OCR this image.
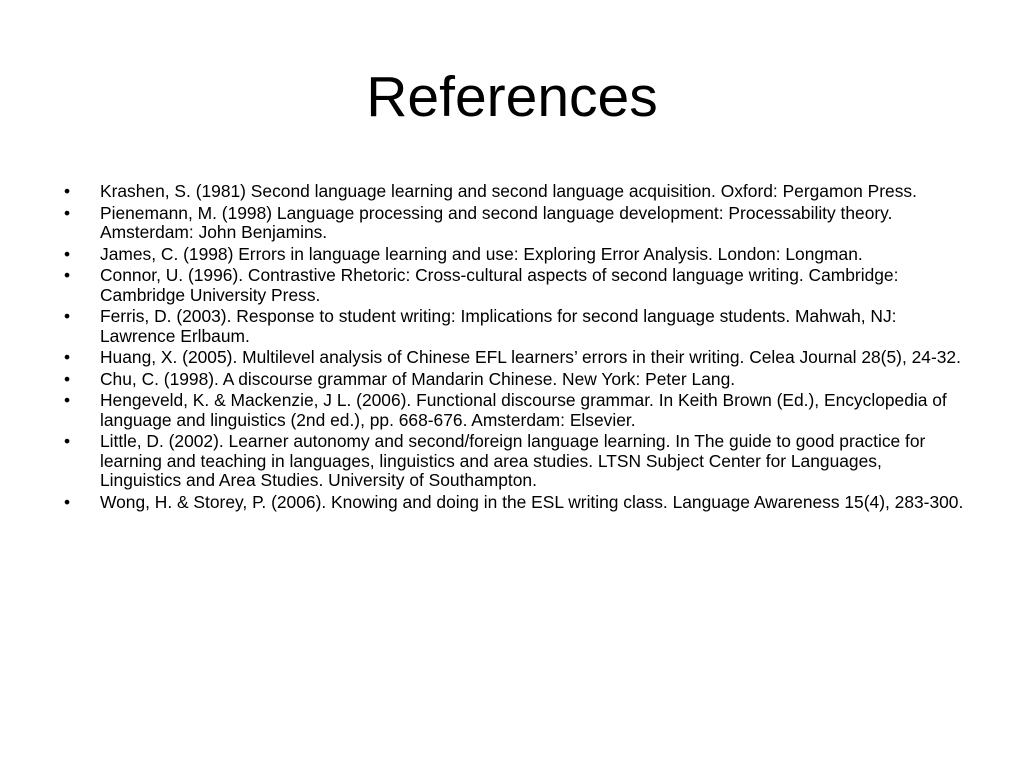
References
• Krashen, S. (1981) Second language learning and second language acquisition. Oxford: Pergamon Press.
• Pienemann, M. (1998) Language processing and second language development: Processability theory. Amsterdam: John Benjamins.
• James, C. (1998) Errors in language learning and use: Exploring Error Analysis. London: Longman.
• Connor, U. (1996). Contrastive Rhetoric: Cross-cultural aspects of second language writing. Cambridge: Cambridge University Press.
• Ferris, D. (2003). Response to student writing: Implications for second language students. Mahwah, NJ: Lawrence Erlbaum.
• Huang, X. (2005). Multilevel analysis of Chinese EFL learners’ errors in their writing. Celea Journal 28(5), 24-32.
• Chu, C. (1998). A discourse grammar of Mandarin Chinese. New York: Peter Lang.
• Hengeveld, K. & Mackenzie, J L. (2006). Functional discourse grammar. In Keith Brown (Ed.), Encyclopedia of language and linguistics (2nd ed.), pp. 668-676. Amsterdam: Elsevier.
• Little, D. (2002). Learner autonomy and second/foreign language learning. In The guide to good practice for learning and teaching in languages, linguistics and area studies. LTSN Subject Center for Languages, Linguistics and Area Studies. University of Southampton.
• Wong, H. & Storey, P. (2006). Knowing and doing in the ESL writing class. Language Awareness 15(4), 283-300.
